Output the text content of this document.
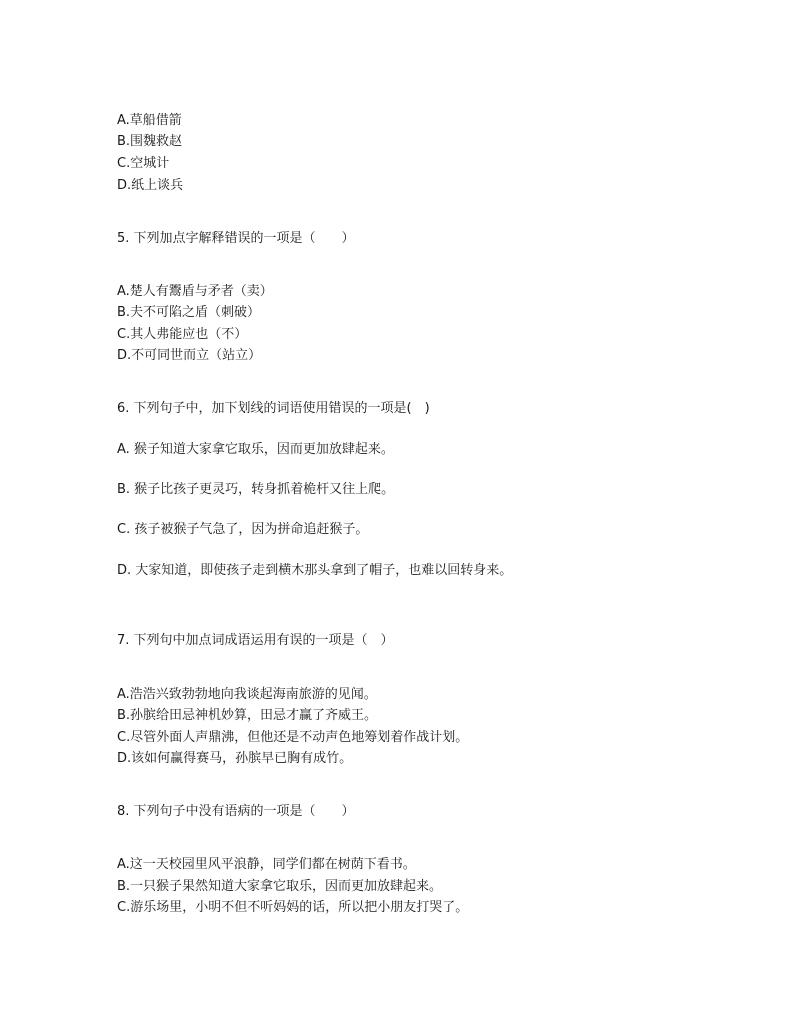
A.草船借箭
B.围魏救赵
C.空城计
D.纸上谈兵
5. 下列加点字解释错误的一项是（　　）
A.楚人有鬻盾与矛者（卖）
B.夫不可陷之盾（刺破）
C.其人弗能应也（不）
D.不可同世而立（站立）
6. 下列句子中，加下划线的词语使用错误的一项是(　)
A. 猴子知道大家拿它取乐，因而更加放肆起来。
B. 猴子比孩子更灵巧，转身抓着桅杆又往上爬。
C. 孩子被猴子气急了，因为拼命追赶猴子。
D. 大家知道，即使孩子走到横木那头拿到了帽子，也难以回转身来。
7. 下列句中加点词成语运用有误的一项是（　）
A.浩浩兴致勃勃地向我谈起海南旅游的见闻。
B.孙膑给田忌神机妙算，田忌才赢了齐威王。
C.尽管外面人声鼎沸，但他还是不动声色地筹划着作战计划。
D.该如何赢得赛马，孙膑早已胸有成竹。
8. 下列句子中没有语病的一项是（　　）
A.这一天校园里风平浪静，同学们都在树荫下看书。
B.一只猴子果然知道大家拿它取乐，因而更加放肆起来。
C.游乐场里，小明不但不听妈妈的话，所以把小朋友打哭了。
